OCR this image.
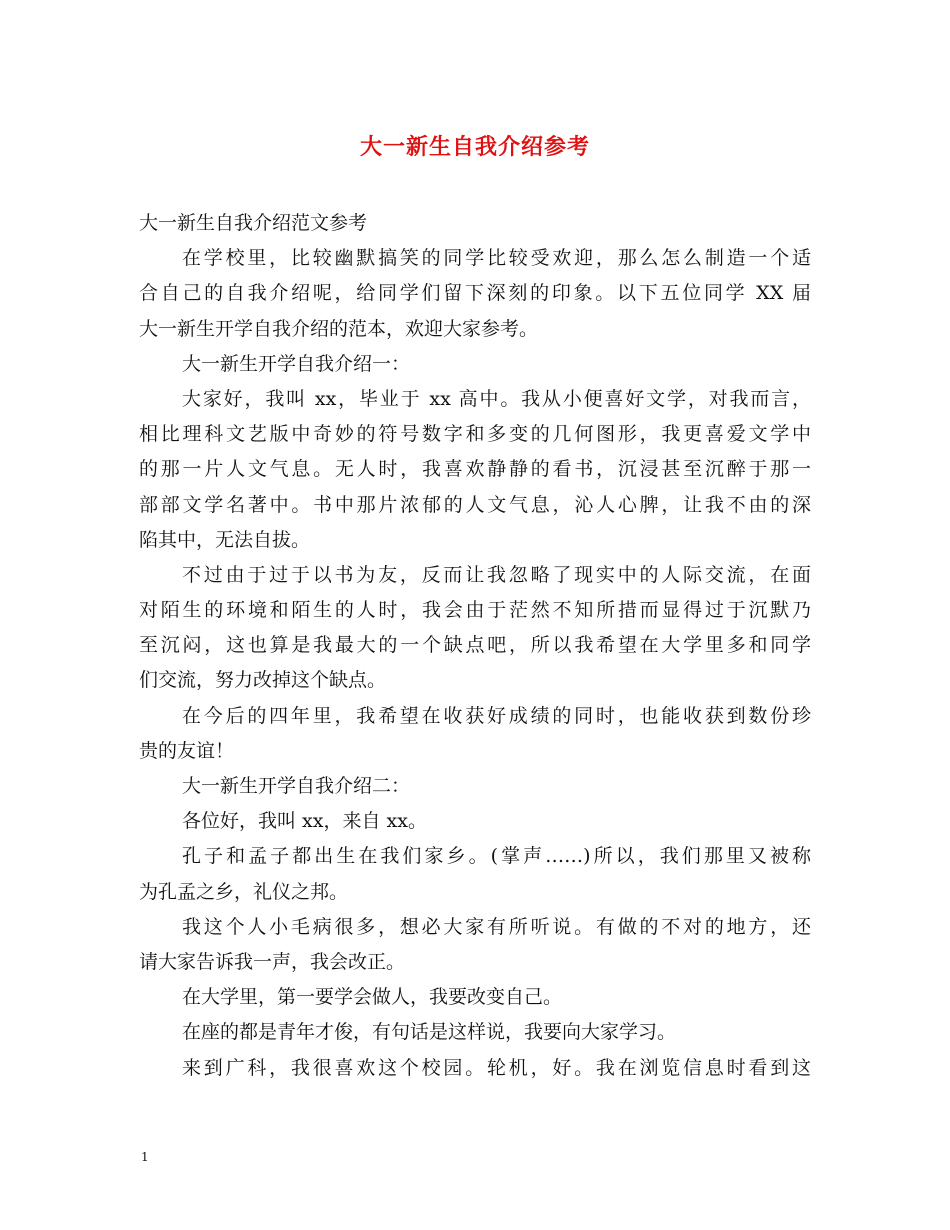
大一新生自我介绍参考
大一新生自我介绍范文参考
在学校里，比较幽默搞笑的同学比较受欢迎，那么怎么制造一个适
合自己的自我介绍呢，给同学们留下深刻的印象。以下五位同学 XX 届
大一新生开学自我介绍的范本，欢迎大家参考。
大一新生开学自我介绍一：
大家好，我叫 xx，毕业于 xx 高中。我从小便喜好文学，对我而言，
相比理科文艺版中奇妙的符号数字和多变的几何图形，我更喜爱文学中
的那一片人文气息。无人时，我喜欢静静的看书，沉浸甚至沉醉于那一
部部文学名著中。书中那片浓郁的人文气息，沁人心脾，让我不由的深
陷其中，无法自拔。
不过由于过于以书为友，反而让我忽略了现实中的人际交流，在面
对陌生的环境和陌生的人时，我会由于茫然不知所措而显得过于沉默乃
至沉闷，这也算是我最大的一个缺点吧，所以我希望在大学里多和同学
们交流，努力改掉这个缺点。
在今后的四年里，我希望在收获好成绩的同时，也能收获到数份珍
贵的友谊！
大一新生开学自我介绍二：
各位好，我叫 xx，来自 xx。
孔子和孟子都出生在我们家乡。(掌声……)所以，我们那里又被称
为孔孟之乡，礼仪之邦。
我这个人小毛病很多，想必大家有所听说。有做的不对的地方，还
请大家告诉我一声，我会改正。
在大学里，第一要学会做人，我要改变自己。
在座的都是青年才俊，有句话是这样说，我要向大家学习。
来到广科，我很喜欢这个校园。轮机，好。我在浏览信息时看到这
1
